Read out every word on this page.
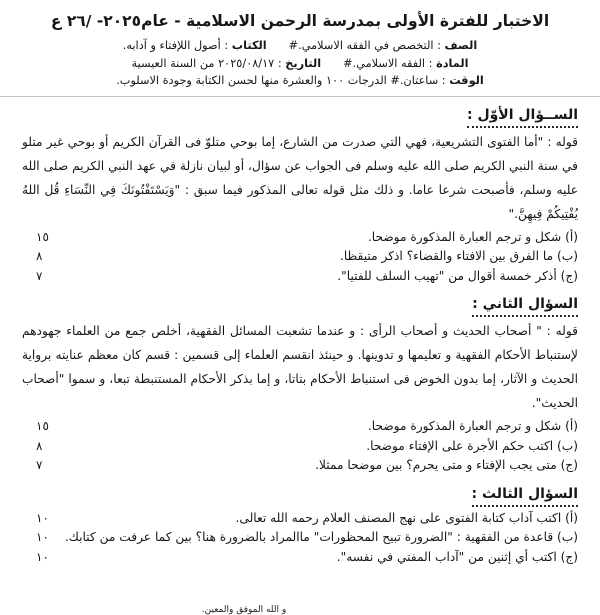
الاختبار للفترة الأولى بمدرسة الرحمن الاسلامية - عام٢٠٢٥- /٢٦ ع
الصف : التخصص في الفقه الاسلامي.#
الكتاب : أصول اللإفتاء و آدابه.
المادة : الفقه الاسلامي.#
التاريخ : ٢٠٢٥/٠٨/١٧ من السنة العيسية
الوقت : ساعتان.# الدرجات ١٠٠ والعشرة منها لحسن الكتابة وجودة الاسلوب.
الســؤال الأوّل :
قوله : "أما الفتوى التشريعية، فهي التي صدرت من الشارع، إما بوحي متلوّ فى القرآن الكريم أو بوحي غير متلو في سنة النبي الكريم صلى الله عليه وسلم فى الجواب عن سؤال، أو لبيان نازلة في عهد النبي الكريم صلى الله عليه وسلم، فأصبحت شرعا عاما. و ذلك مثل قوله تعالى المذكور فيما سبق : "وَيَسْتَفْتُونَكَ فِي النِّسَاءِ قُل اللهُ يُفْتِيكُمْ فِيهِنَّ."
(أ) شكل و ترجم العبارة المذكورة موضحا.
١٥
(ب) ما الفرق بين الافتاء والقضاء؟ اذكر متيقظا.
٨
(ج) أذكر خمسة أقوال من "تهيب السلف للفتيا".
٧
السؤال الثاني :
قوله : " أصحاب الحديث و أصحاب الرأى : و عندما تشعبت المسائل الفقهية، أخلص جمع من العلماء جهودهم لإستنباط الأحكام الفقهية و تعليمها و تدوينها. و حينئذ انقسم العلماء إلى قسمين : قسم كان معظم عنايته برواية الحديث و الآثار، إما بدون الخوض فى استنباط الأحكام بتاتا، و إما بذكر الأحكام المستنبطة تبعا، و سموا "أصحاب الحديث".
(أ) شكل و ترجم العبارة المذكورة موضحا.
١٥
(ب) اكتب حكم الأجرة على الإفتاء موضحا.
٨
(ج) متى يجب الإفتاء و متى يحرم؟ بين موضحا ممثلا.
٧
السؤال الثالث :
(أ) اكتب آداب كتابة الفتوى على نهج المصنف العلام رحمه الله تعالى.
١٠
(ب) قاعدة من الفقهية : "الضرورة تبيح المحظورات" ماالمراد بالضرورة هنا؟ بين كما عرفت من كتابك.
١٠
(ج) اكتب أي إثنين من "آداب المفتي في نفسه".
١٠
و الله الموفق والمعين.
